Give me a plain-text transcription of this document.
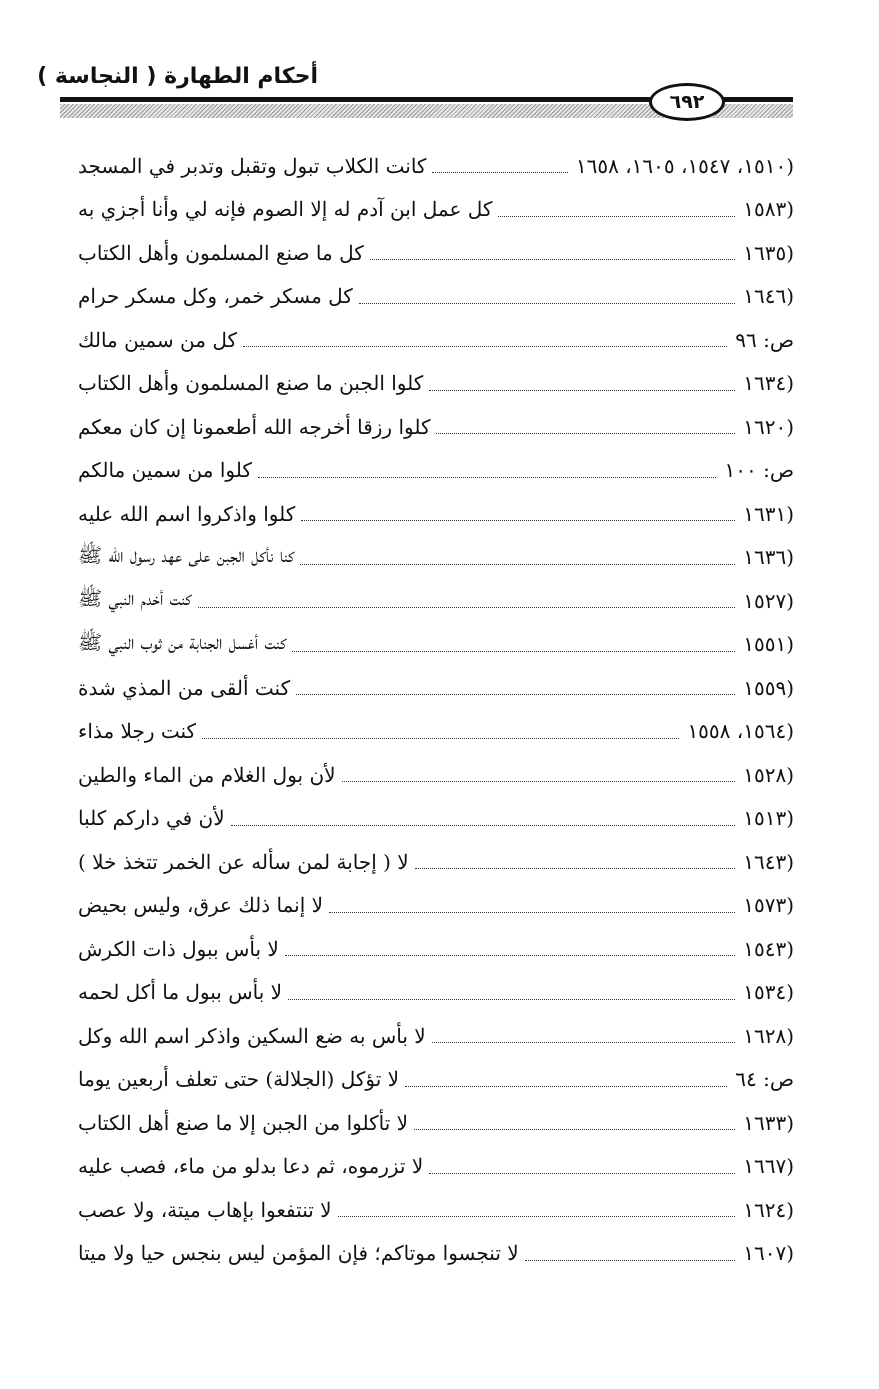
أحكام الطهارة ( النجاسة )
٦٩٢
كانت الكلاب تبول وتقبل وتدبر في المسجد	(١٥١٠، ١٥٤٧، ١٦٠٥، ١٦٥٨
كل عمل ابن آدم له إلا الصوم فإنه لي وأنا أجزي به	(١٥٨٣
كل ما صنع المسلمون وأهل الكتاب	(١٦٣٥
كل مسكر خمر، وكل مسكر حرام	(١٦٤٦
كل من سمين مالك	ص: ٩٦
كلوا الجبن ما صنع المسلمون وأهل الكتاب	(١٦٣٤
كلوا رزقا أخرجه الله أطعمونا إن كان معكم	(١٦٢٠
كلوا من سمين مالكم	ص: ١٠٠
كلوا واذكروا اسم الله عليه	(١٦٣١
كنا نأكل الجبن على عهد رسول الله ﷺ	(١٦٣٦
كنت أخدم النبي ﷺ	(١٥٢٧
كنت أغسل الجنابة من ثوب النبي ﷺ	(١٥٥١
كنت ألقى من المذي شدة	(١٥٥٩
كنت رجلا مذاء	(١٥٦٤، ١٥٥٨
لأن بول الغلام من الماء والطين	(١٥٢٨
لأن في داركم كلبا	(١٥١٣
لا ( إجابة لمن سأله عن الخمر تتخذ خلا )	(١٦٤٣
لا إنما ذلك عرق، وليس بحيض	(١٥٧٣
لا بأس ببول ذات الكرش	(١٥٤٣
لا بأس ببول ما أكل لحمه	(١٥٣٤
لا بأس به ضع السكين واذكر اسم الله وكل	(١٦٢٨
لا تؤكل (الجلالة) حتى تعلف أربعين يوما	ص: ٦٤
لا تأكلوا من الجبن إلا ما صنع أهل الكتاب	(١٦٣٣
لا تزرموه، ثم دعا بدلو من ماء، فصب عليه	(١٦٦٧
لا تنتفعوا بإهاب ميتة، ولا عصب	(١٦٢٤
لا تنجسوا موتاكم؛ فإن المؤمن ليس بنجس حيا ولا ميتا	(١٦٠٧
